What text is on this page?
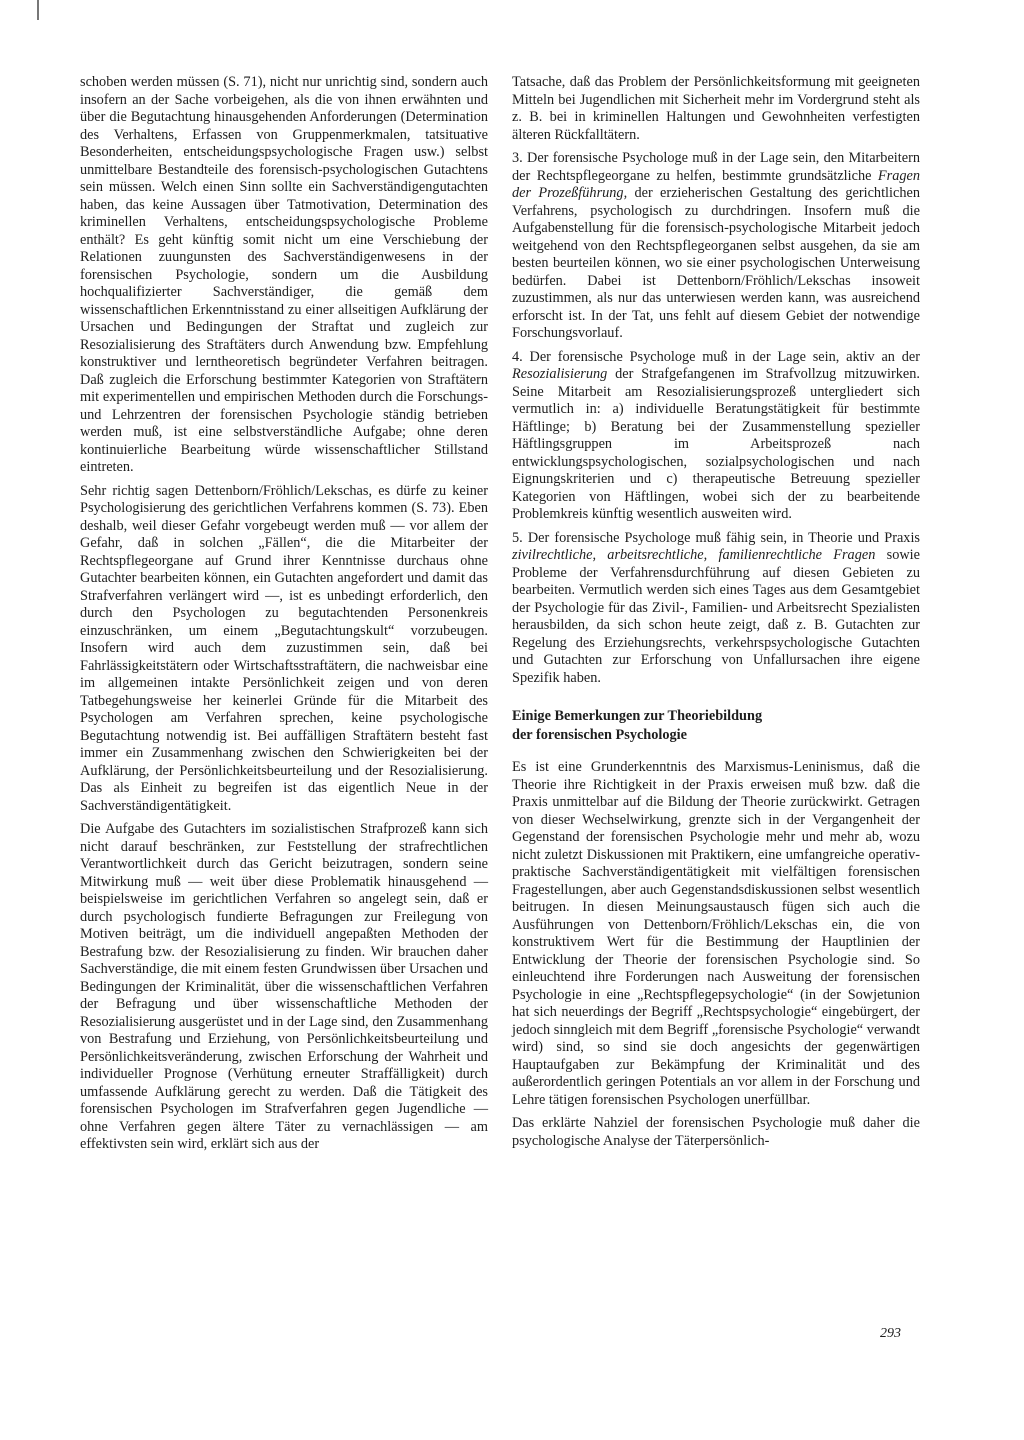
schoben werden müssen (S. 71), nicht nur unrichtig sind, sondern auch insofern an der Sache vorbeigehen, als die von ihnen erwähnten und über die Begutachtung hinausgehenden Anforderungen (Determination des Verhaltens, Erfassen von Gruppenmerkmalen, tatsituative Besonderheiten, entscheidungspsychologische Fragen usw.) selbst unmittelbare Bestandteile des forensisch-psychologischen Gutachtens sein müssen. Welch einen Sinn sollte ein Sachverständigengutachten haben, das keine Aussagen über Tatmotivation, Determination des kriminellen Verhaltens, entscheidungspsychologische Probleme enthält? Es geht künftig somit nicht um eine Verschiebung der Relationen zuungunsten des Sachverständigenwesens in der forensischen Psychologie, sondern um die Ausbildung hochqualifizierter Sachverständiger, die gemäß dem wissenschaftlichen Erkenntnisstand zu einer allseitigen Aufklärung der Ursachen und Bedingungen der Straftat und zugleich zur Resozialisierung des Straftäters durch Anwendung bzw. Empfehlung konstruktiver und lerntheoretisch begründeter Verfahren beitragen. Daß zugleich die Erforschung bestimmter Kategorien von Straftätern mit experimentellen und empirischen Methoden durch die Forschungs- und Lehrzentren der forensischen Psychologie ständig betrieben werden muß, ist eine selbstverständliche Aufgabe; ohne deren kontinuierliche Bearbeitung würde wissenschaftlicher Stillstand eintreten.

Sehr richtig sagen Dettenborn/Fröhlich/Lekschas, es dürfe zu keiner Psychologisierung des gerichtlichen Verfahrens kommen (S. 73). Eben deshalb, weil dieser Gefahr vorgebeugt werden muß — vor allem der Gefahr, daß in solchen „Fällen“, die die Mitarbeiter der Rechtspflegeorgane auf Grund ihrer Kenntnisse durchaus ohne Gutachter bearbeiten können, ein Gutachten angefordert und damit das Strafverfahren verlängert wird —, ist es unbedingt erforderlich, den durch den Psychologen zu begutachtenden Personenkreis einzuschränken, um einem „Begutachtungskult“ vorzubeugen. Insofern wird auch dem zuzustimmen sein, daß bei Fahrlässigkeitstätern oder Wirtschaftsstraftätern, die nachweisbar eine im allgemeinen intakte Persönlichkeit zeigen und von deren Tatbegehungsweise her keinerlei Gründe für die Mitarbeit des Psychologen am Verfahren sprechen, keine psychologische Begutachtung notwendig ist. Bei auffälligen Straftätern besteht fast immer ein Zusammenhang zwischen den Schwierigkeiten bei der Aufklärung, der Persönlichkeitsbeurteilung und der Resozialisierung. Das als Einheit zu begreifen ist das eigentlich Neue in der Sachverständigentätigkeit.

Die Aufgabe des Gutachters im sozialistischen Strafprozeß kann sich nicht darauf beschränken, zur Feststellung der strafrechtlichen Verantwortlichkeit durch das Gericht beizutragen, sondern seine Mitwirkung muß — weit über diese Problematik hinausgehend — beispielsweise im gerichtlichen Verfahren so angelegt sein, daß er durch psychologisch fundierte Befragungen zur Freilegung von Motiven beiträgt, um die individuell angepaßten Methoden der Bestrafung bzw. der Resozialisierung zu finden. Wir brauchen daher Sachverständige, die mit einem festen Grundwissen über Ursachen und Bedingungen der Kriminalität, über die wissenschaftlichen Verfahren der Befragung und über wissenschaftliche Methoden der Resozialisierung ausgerüstet und in der Lage sind, den Zusammenhang von Bestrafung und Erziehung, von Persönlichkeitsbeurteilung und Persönlichkeitsveränderung, zwischen Erforschung der Wahrheit und individueller Prognose (Verhütung erneuter Straffälligkeit) durch umfassende Aufklärung gerecht zu werden. Daß die Tätigkeit des forensischen Psychologen im Strafverfahren gegen Jugendliche — ohne Verfahren gegen ältere Täter zu vernachlässigen — am effektivsten sein wird, erklärt sich aus der

Tatsache, daß das Problem der Persönlichkeitsformung mit geeigneten Mitteln bei Jugendlichen mit Sicherheit mehr im Vordergrund steht als z. B. bei in kriminellen Haltungen und Gewohnheiten verfestigten älteren Rückfalltätern.

3. Der forensische Psychologe muß in der Lage sein, den Mitarbeitern der Rechtspflegeorgane zu helfen, bestimmte grundsätzliche Fragen der Prozeßführung, der erzieherischen Gestaltung des gerichtlichen Verfahrens, psychologisch zu durchdringen. Insofern muß die Aufgabenstellung für die forensisch-psychologische Mitarbeit jedoch weitgehend von den Rechtspflegeorganen selbst ausgehen, da sie am besten beurteilen können, wo sie einer psychologischen Unterweisung bedürfen. Dabei ist Dettenborn/Fröhlich/Lekschas insoweit zuzustimmen, als nur das unterwiesen werden kann, was ausreichend erforscht ist. In der Tat, uns fehlt auf diesem Gebiet der notwendige Forschungsvorlauf.

4. Der forensische Psychologe muß in der Lage sein, aktiv an der Resozialisierung der Strafgefangenen im Strafvollzug mitzuwirken. Seine Mitarbeit am Resozialisierungsprozeß untergliedert sich vermutlich in: a) individuelle Beratungstätigkeit für bestimmte Häftlinge; b) Beratung bei der Zusammenstellung spezieller Häftlingsgruppen im Arbeitsprozeß nach entwicklungspsychologischen, sozialpsychologischen und nach Eignungskriterien und c) therapeutische Betreuung spezieller Kategorien von Häftlingen, wobei sich der zu bearbeitende Problemkreis künftig wesentlich ausweiten wird.

5. Der forensische Psychologe muß fähig sein, in Theorie und Praxis zivilrechtliche, arbeitsrechtliche, familienrechtliche Fragen sowie Probleme der Verfahrensdurchführung auf diesen Gebieten zu bearbeiten. Vermutlich werden sich eines Tages aus dem Gesamtgebiet der Psychologie für das Zivil-, Familien- und Arbeitsrecht Spezialisten herausbilden, da sich schon heute zeigt, daß z. B. Gutachten zur Regelung des Erziehungsrechts, verkehrspsychologische Gutachten und Gutachten zur Erforschung von Unfallursachen ihre eigene Spezifik haben.

Einige Bemerkungen zur Theoriebildung
der forensischen Psychologie

Es ist eine Grunderkenntnis des Marxismus-Leninismus, daß die Theorie ihre Richtigkeit in der Praxis erweisen muß bzw. daß die Praxis unmittelbar auf die Bildung der Theorie zurückwirkt. Getragen von dieser Wechselwirkung, grenzte sich in der Vergangenheit der Gegenstand der forensischen Psychologie mehr und mehr ab, wozu nicht zuletzt Diskussionen mit Praktikern, eine umfangreiche operativ-praktische Sachverständigentätigkeit mit vielfältigen forensischen Fragestellungen, aber auch Gegenstandsdiskussionen selbst wesentlich beitrugen. In diesen Meinungsaustausch fügen sich auch die Ausführungen von Dettenborn/Fröhlich/Lekschas ein, die von konstruktivem Wert für die Bestimmung der Hauptlinien der Entwicklung der Theorie der forensischen Psychologie sind. So einleuchtend ihre Forderungen nach Ausweitung der forensischen Psychologie in eine „Rechtspflegepsychologie“ (in der Sowjetunion hat sich neuerdings der Begriff „Rechtspsychologie“ eingebürgert, der jedoch sinngleich mit dem Begriff „forensische Psychologie“ verwandt wird) sind, so sind sie doch angesichts der gegenwärtigen Hauptaufgaben zur Bekämpfung der Kriminalität und des außerordentlich geringen Potentials an vor allem in der Forschung und Lehre tätigen forensischen Psychologen unerfüllbar.

Das erklärte Nahziel der forensischen Psychologie muß daher die psychologische Analyse der Täterpersönlich-

293
